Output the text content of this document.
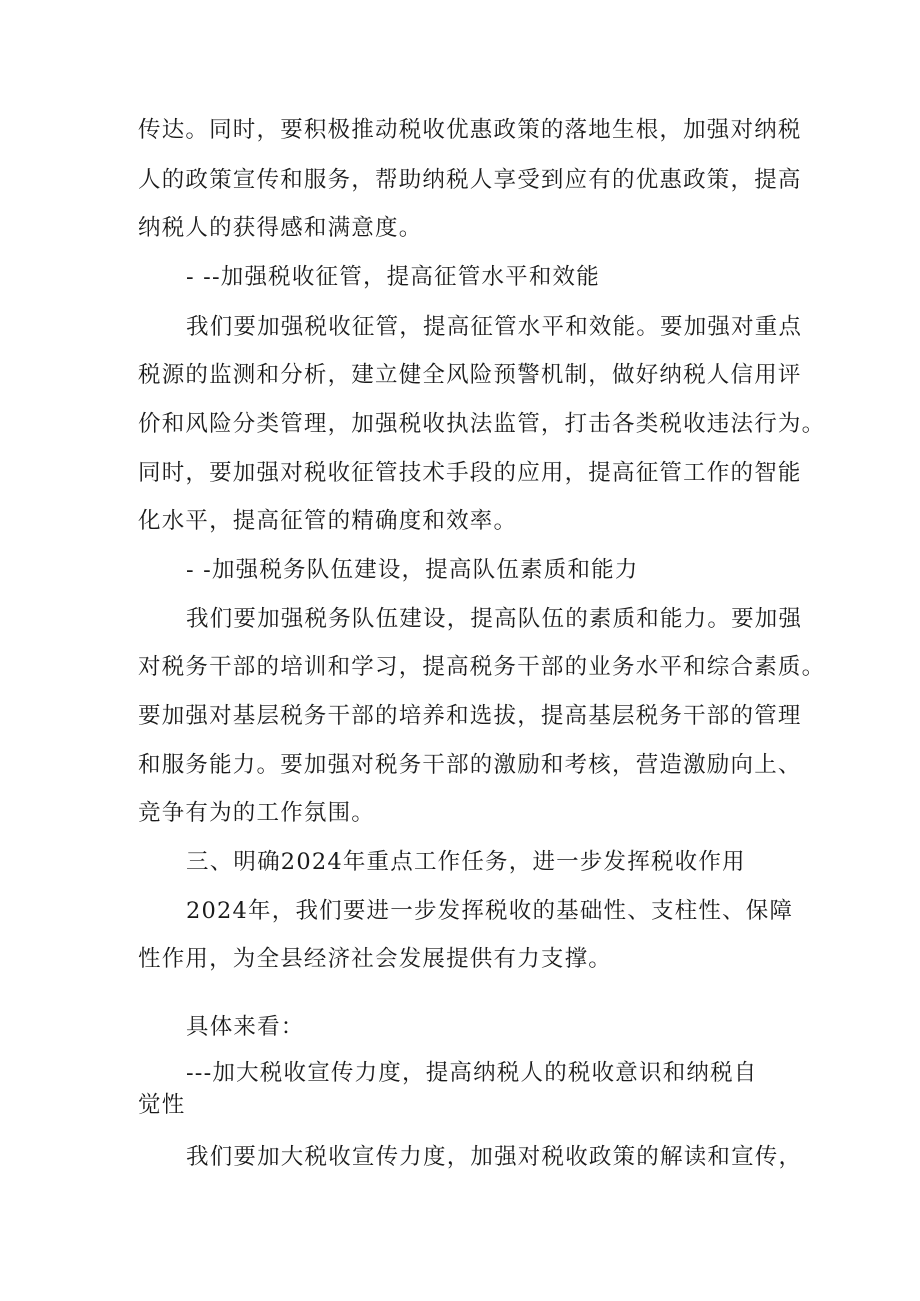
传达。同时，要积极推动税收优惠政策的落地生根，加强对纳税
人的政策宣传和服务，帮助纳税人享受到应有的优惠政策，提高
纳税人的获得感和满意度。
- --加强税收征管，提高征管水平和效能
我们要加强税收征管，提高征管水平和效能。要加强对重点
税源的监测和分析，建立健全风险预警机制，做好纳税人信用评
价和风险分类管理，加强税收执法监管，打击各类税收违法行为。
同时，要加强对税收征管技术手段的应用，提高征管工作的智能
化水平，提高征管的精确度和效率。
- -加强税务队伍建设，提高队伍素质和能力
我们要加强税务队伍建设，提高队伍的素质和能力。要加强
对税务干部的培训和学习，提高税务干部的业务水平和综合素质。
要加强对基层税务干部的培养和选拔，提高基层税务干部的管理
和服务能力。要加强对税务干部的激励和考核，营造激励向上、
竞争有为的工作氛围。
三、明确2024年重点工作任务，进一步发挥税收作用
2024年，我们要进一步发挥税收的基础性、支柱性、保障
性作用，为全县经济社会发展提供有力支撑。
具体来看：
---加大税收宣传力度，提高纳税人的税收意识和纳税自
觉性
我们要加大税收宣传力度，加强对税收政策的解读和宣传，
